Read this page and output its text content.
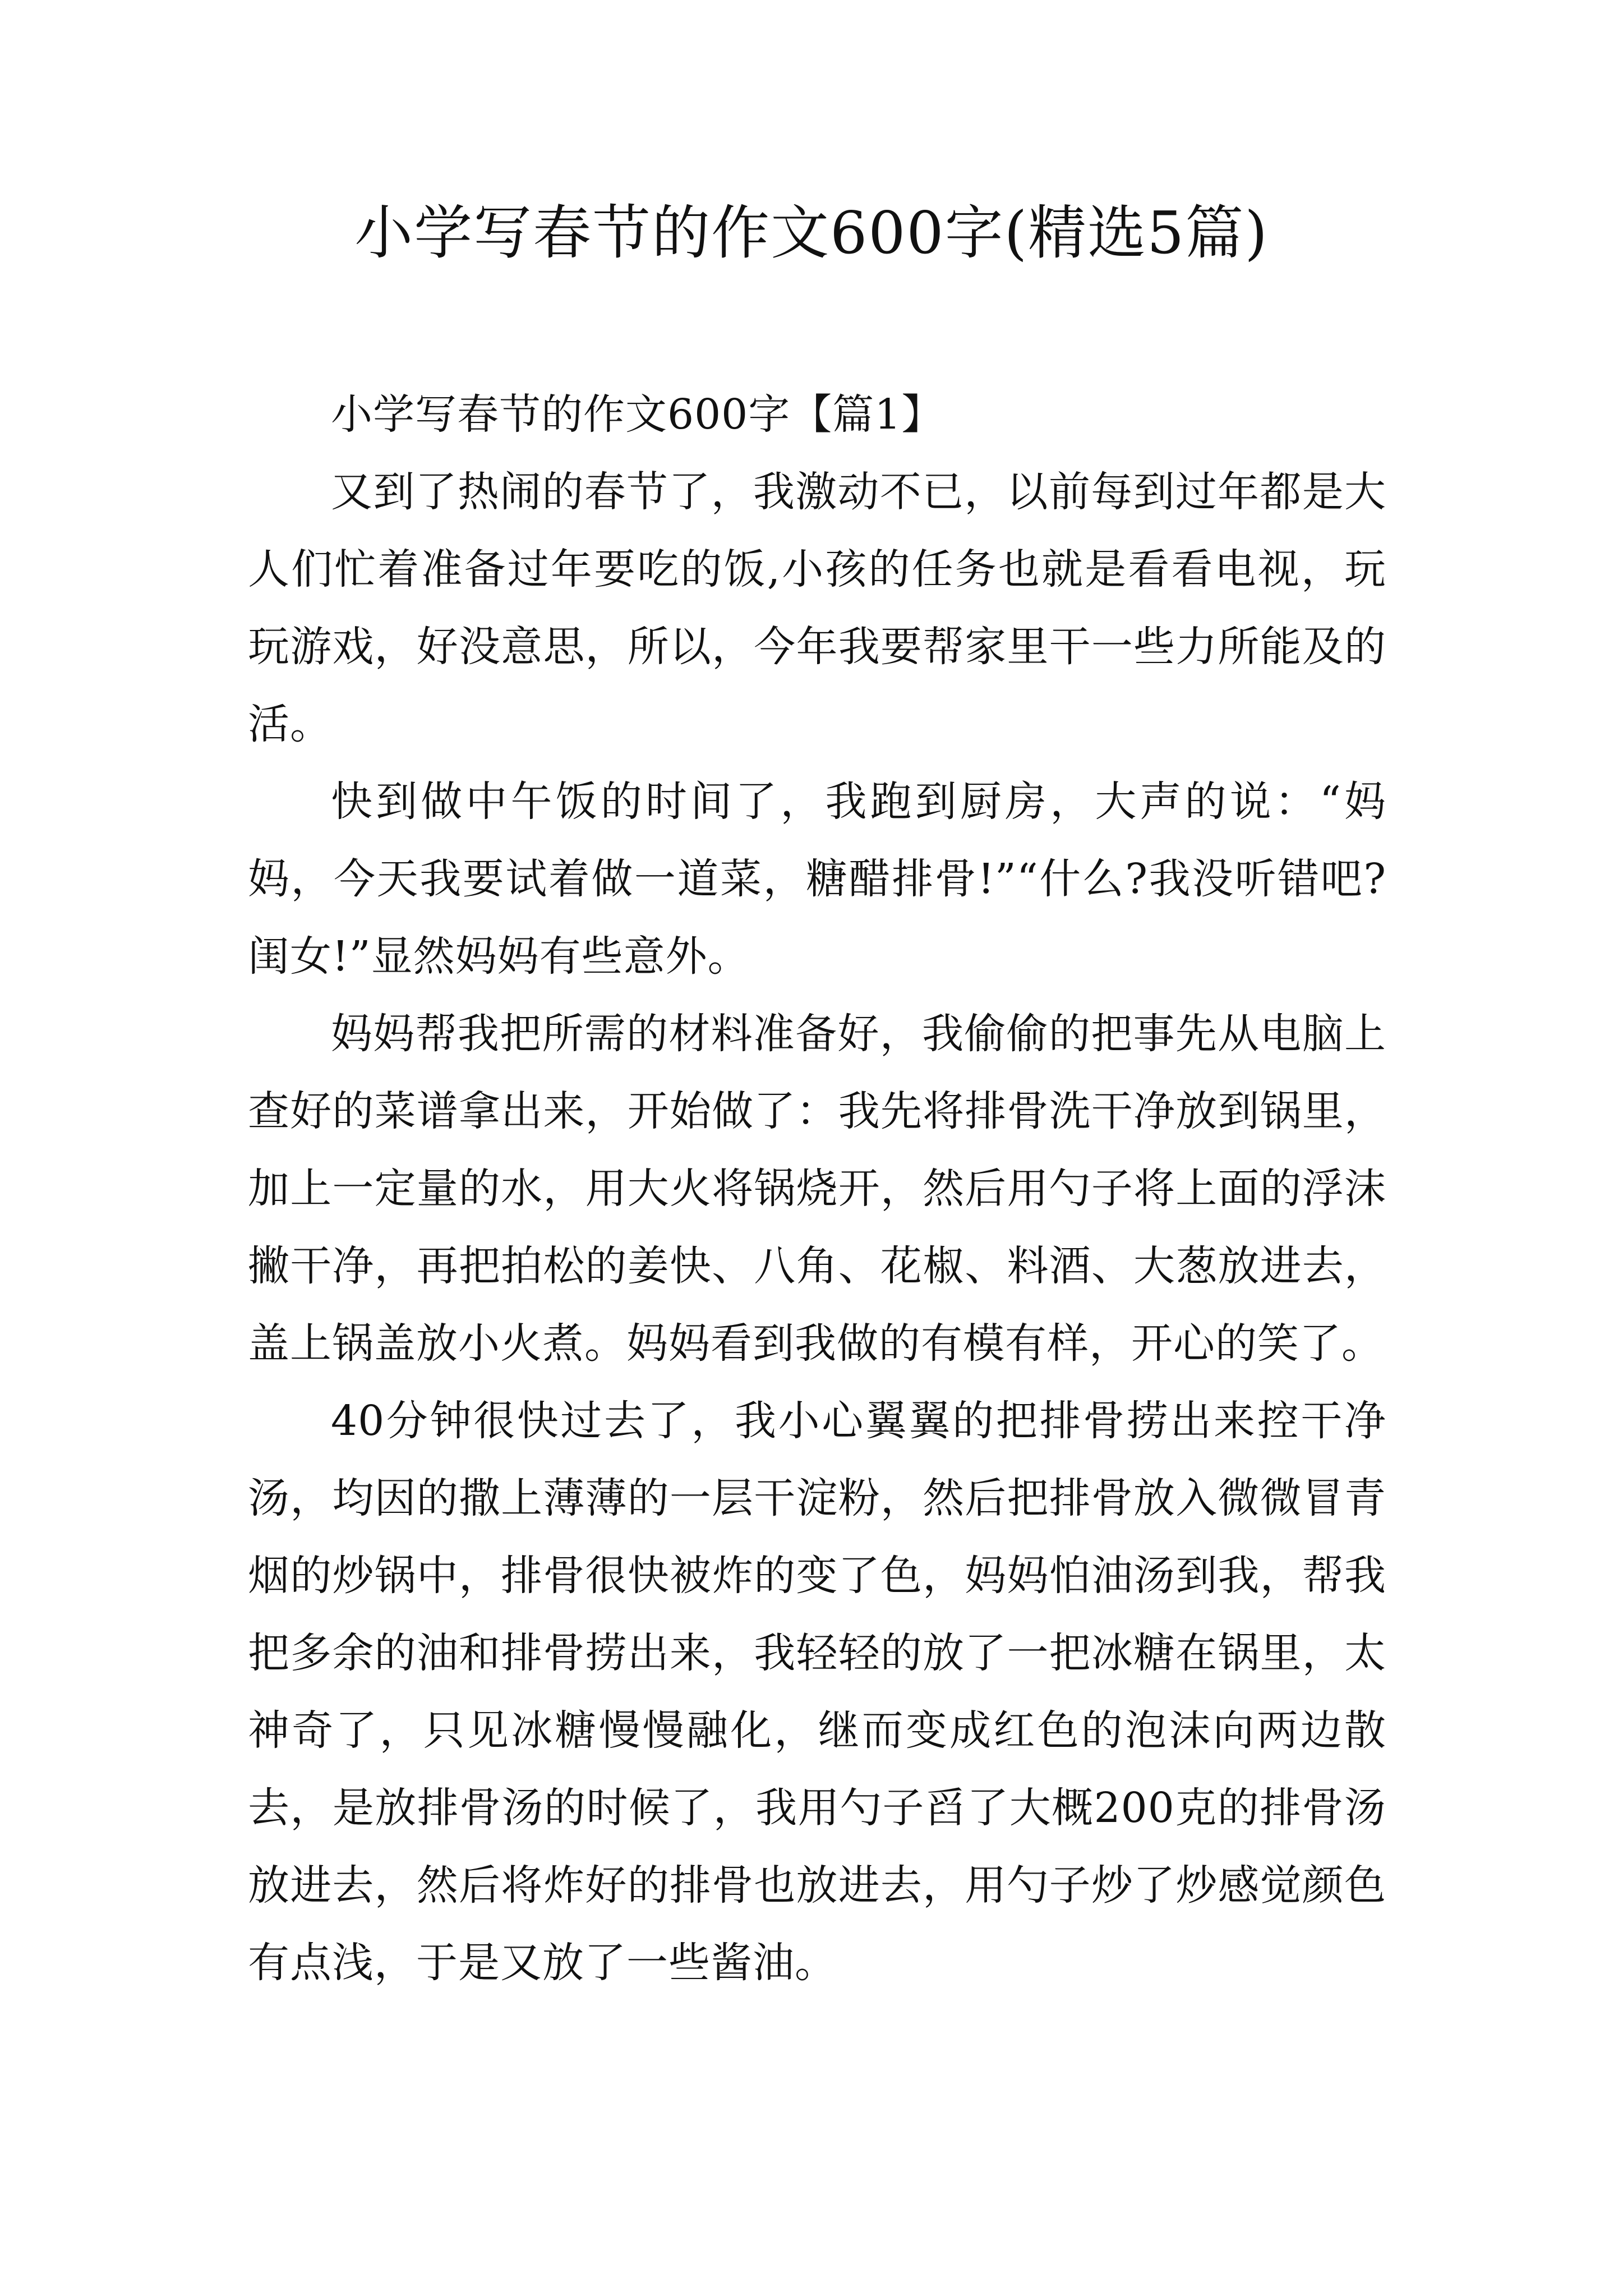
小学写春节的作文600字(精选5篇)

小学写春节的作文600字【篇1】

又到了热闹的春节了，我激动不已，以前每到过年都是大人们忙着准备过年要吃的饭,小孩的任务也就是看看电视，玩玩游戏，好没意思，所以，今年我要帮家里干一些力所能及的活。

快到做中午饭的时间了，我跑到厨房，大声的说：“妈妈，今天我要试着做一道菜，糖醋排骨!”“什么?我没听错吧?闺女!”显然妈妈有些意外。

妈妈帮我把所需的材料准备好，我偷偷的把事先从电脑上查好的菜谱拿出来，开始做了：我先将排骨洗干净放到锅里，加上一定量的水，用大火将锅烧开，然后用勺子将上面的浮沫撇干净，再把拍松的姜快、八角、花椒、料酒、大葱放进去，盖上锅盖放小火煮。妈妈看到我做的有模有样，开心的笑了。

40分钟很快过去了，我小心翼翼的把排骨捞出来控干净汤，均因的撒上薄薄的一层干淀粉，然后把排骨放入微微冒青烟的炒锅中，排骨很快被炸的变了色，妈妈怕油汤到我，帮我把多余的油和排骨捞出来，我轻轻的放了一把冰糖在锅里，太神奇了，只见冰糖慢慢融化，继而变成红色的泡沫向两边散去，是放排骨汤的时候了，我用勺子舀了大概200克的排骨汤放进去，然后将炸好的排骨也放进去，用勺子炒了炒感觉颜色有点浅，于是又放了一些酱油。
